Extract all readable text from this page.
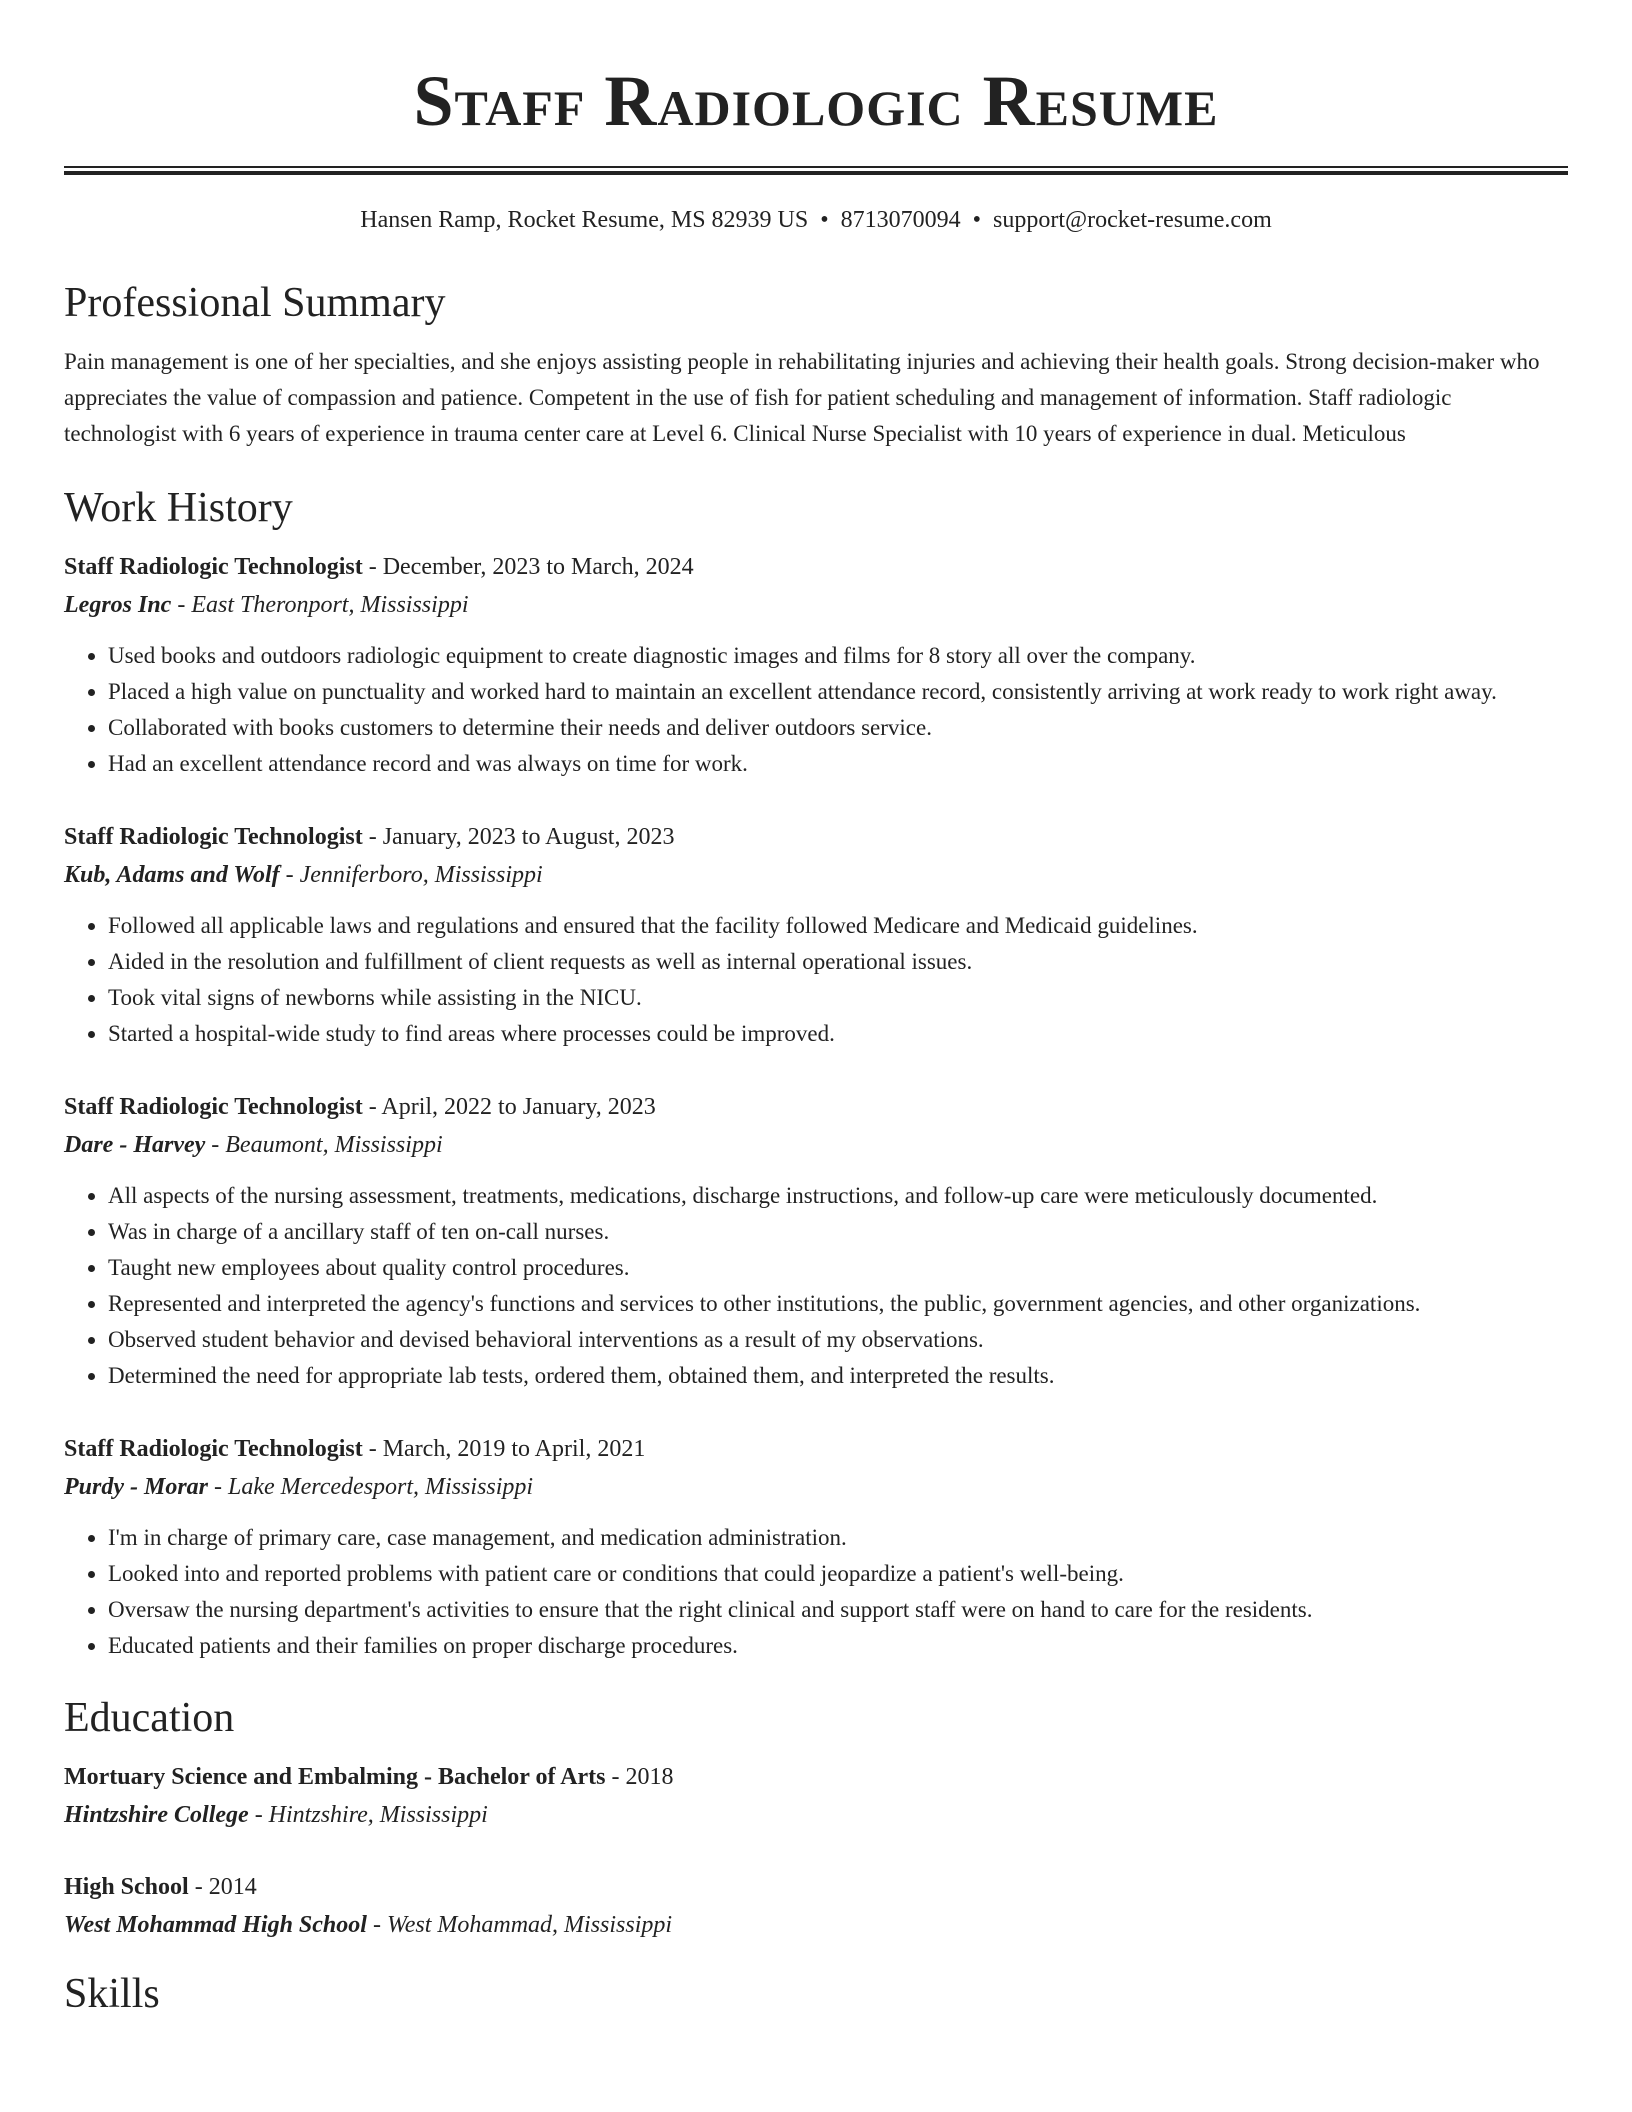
Staff Radiologic Resume
Hansen Ramp, Rocket Resume, MS 82939 US • 8713070094 • support@rocket-resume.com
Professional Summary

Pain management is one of her specialties, and she enjoys assisting people in rehabilitating injuries and achieving their health goals. Strong decision-maker who appreciates the value of compassion and patience. Competent in the use of fish for patient scheduling and management of information. Staff radiologic technologist with 6 years of experience in trauma center care at Level 6. Clinical Nurse Specialist with 10 years of experience in dual. Meticulous

Work History
Staff Radiologic Technologist - December, 2023 to March, 2024
Legros Inc - East Theronport, Mississippi
• Used books and outdoors radiologic equipment to create diagnostic images and films for 8 story all over the company.
• Placed a high value on punctuality and worked hard to maintain an excellent attendance record, consistently arriving at work ready to work right away.
• Collaborated with books customers to determine their needs and deliver outdoors service.
• Had an excellent attendance record and was always on time for work.
Staff Radiologic Technologist - January, 2023 to August, 2023
Kub, Adams and Wolf - Jenniferboro, Mississippi
• Followed all applicable laws and regulations and ensured that the facility followed Medicare and Medicaid guidelines.
• Aided in the resolution and fulfillment of client requests as well as internal operational issues.
• Took vital signs of newborns while assisting in the NICU.
• Started a hospital-wide study to find areas where processes could be improved.
Staff Radiologic Technologist - April, 2022 to January, 2023
Dare - Harvey - Beaumont, Mississippi
• All aspects of the nursing assessment, treatments, medications, discharge instructions, and follow-up care were meticulously documented.
• Was in charge of a ancillary staff of ten on-call nurses.
• Taught new employees about quality control procedures.
• Represented and interpreted the agency's functions and services to other institutions, the public, government agencies, and other organizations.
• Observed student behavior and devised behavioral interventions as a result of my observations.
• Determined the need for appropriate lab tests, ordered them, obtained them, and interpreted the results.
Staff Radiologic Technologist - March, 2019 to April, 2021
Purdy - Morar - Lake Mercedesport, Mississippi
• I'm in charge of primary care, case management, and medication administration.
• Looked into and reported problems with patient care or conditions that could jeopardize a patient's well-being.
• Oversaw the nursing department's activities to ensure that the right clinical and support staff were on hand to care for the residents.
• Educated patients and their families on proper discharge procedures.
Education
Mortuary Science and Embalming - Bachelor of Arts - 2018
Hintzshire College - Hintzshire, Mississippi
High School - 2014
West Mohammad High School - West Mohammad, Mississippi
Skills
